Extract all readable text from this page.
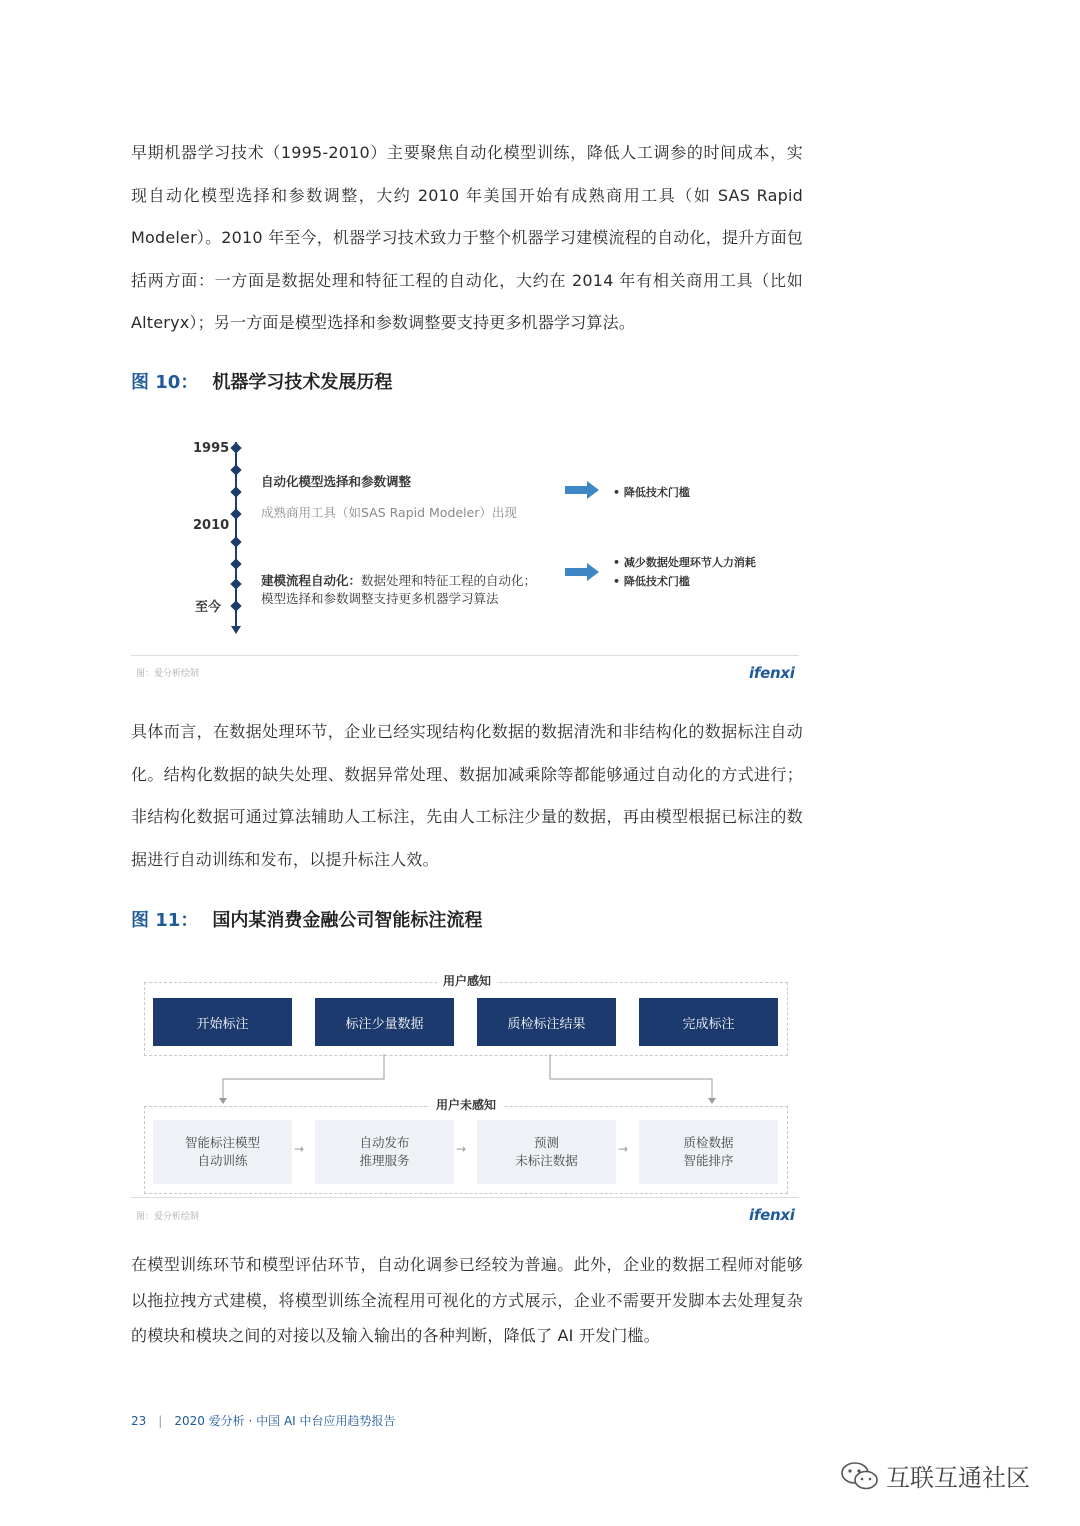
早期机器学习技术（1995-2010）主要聚焦自动化模型训练，降低人工调参的时间成本，实现自动化模型选择和参数调整，大约 2010 年美国开始有成熟商用工具（如 SAS Rapid Modeler）。2010 年至今，机器学习技术致力于整个机器学习建模流程的自动化，提升方面包括两方面：一方面是数据处理和特征工程的自动化，大约在 2014 年有相关商用工具（比如 Alteryx）；另一方面是模型选择和参数调整要支持更多机器学习算法。

图 10： 机器学习技术发展历程
1995
2010
至今
自动化模型选择和参数调整
成熟商用工具（如SAS Rapid Modeler）出现
建模流程自动化：数据处理和特征工程的自动化；
模型选择和参数调整支持更多机器学习算法
• 降低技术门槛
• 减少数据处理环节人力消耗
• 降低技术门槛
图：爱分析绘制	ifenxi

具体而言，在数据处理环节，企业已经实现结构化数据的数据清洗和非结构化的数据标注自动化。结构化数据的缺失处理、数据异常处理、数据加减乘除等都能够通过自动化的方式进行；非结构化数据可通过算法辅助人工标注，先由人工标注少量的数据，再由模型根据已标注的数据进行自动训练和发布，以提升标注人效。

图 11： 国内某消费金融公司智能标注流程
用户感知
开始标注	标注少量数据	质检标注结果	完成标注
用户未感知
智能标注模型
自动训练
→	自动发布
推理服务
→	预测
未标注数据
→	质检数据
智能排序
图：爱分析绘制	ifenxi

在模型训练环节和模型评估环节，自动化调参已经较为普遍。此外，企业的数据工程师对能够以拖拉拽方式建模，将模型训练全流程用可视化的方式展示，企业不需要开发脚本去处理复杂的模块和模块之间的对接以及输入输出的各种判断，降低了 AI 开发门槛。

23 | 2020 爱分析 · 中国 AI 中台应用趋势报告
互联互通社区
